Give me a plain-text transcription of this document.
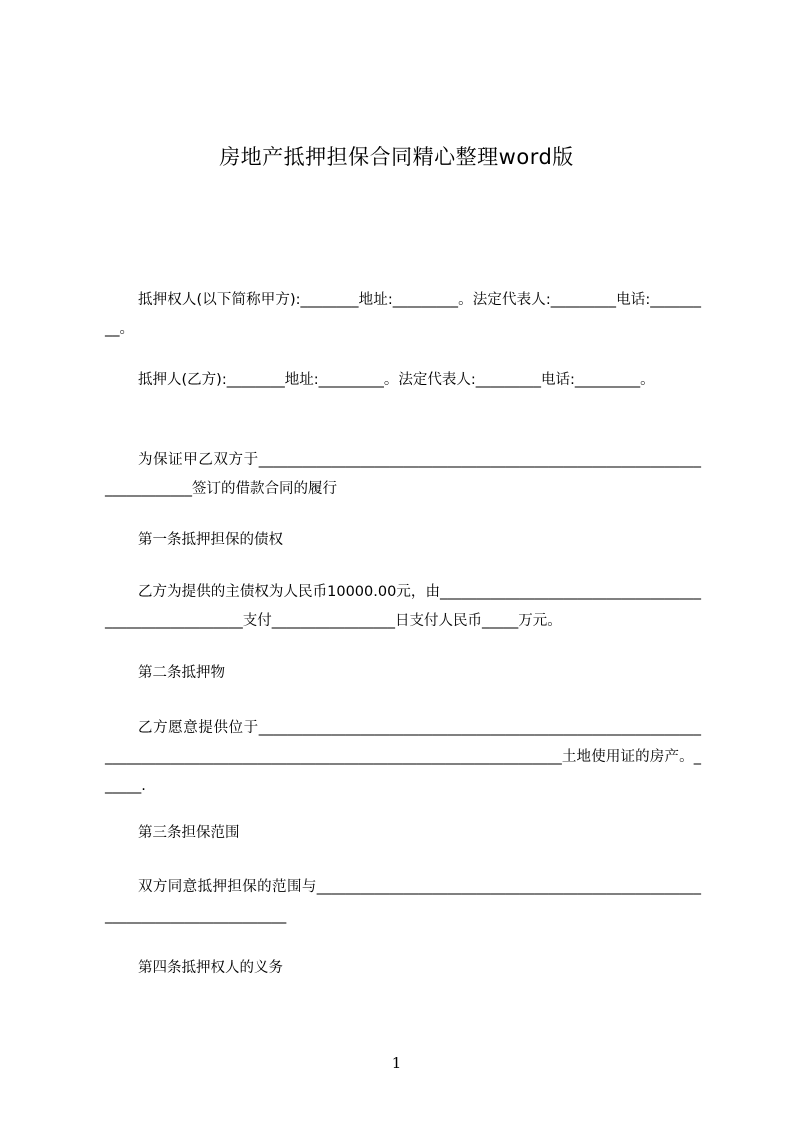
房地产抵押担保合同精心整理word版

抵押权人(以下简称甲方):________地址:_________。法定代表人:_________电话:_________。

抵押人(乙方):________地址:_________。法定代表人:_________电话:_________。

为保证甲乙双方于_________________________________________________________________________签订的借款合同的履行

第一条抵押担保的债权

乙方为提供的主债权为人民币10000.00元，由_______________________________________________________支付_________________日支付人民币_____万元。

第二条抵押物

乙方愿意提供位于____________________________________________________________________________________________________________________________土地使用证的房产。______.

第三条担保范围

双方同意抵押担保的范围与______________________________________________________________________________

第四条抵押权人的义务

1
